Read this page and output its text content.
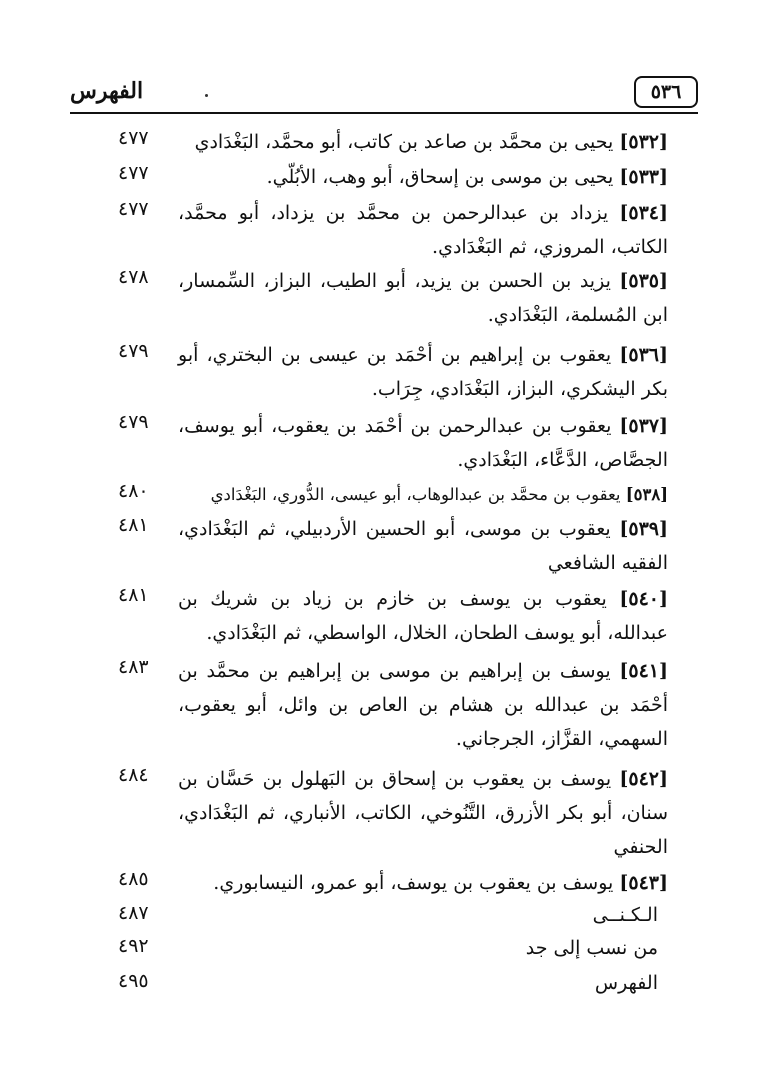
الفهرس	٥٣٦
٤٧٧	[٥٣٢] يحيى بن محمَّد بن صاعد بن كاتب، أبو محمَّد، البَغْدَادي
٤٧٧	[٥٣٣] يحيى بن موسى بن إسحاق، أبو وهب، الأبُلّي.
٤٧٧	[٥٣٤] يزداد بن عبدالرحمن بن محمَّد بن يزداد، أبو محمَّد، الكاتب، المروزي، ثم البَغْدَادي.
٤٧٨	[٥٣٥] يزيد بن الحسن بن يزيد، أبو الطيب، البزاز، السِّمسار، ابن المُسلمة، البَغْدَادي.
٤٧٩	[٥٣٦] يعقوب بن إبراهيم بن أحْمَد بن عيسى بن البختري، أبو بكر اليشكري، البزاز، البَغْدَادي، جِرَاب.
٤٧٩	[٥٣٧] يعقوب بن عبدالرحمن بن أحْمَد بن يعقوب، أبو يوسف، الجصَّاص، الدَّعَّاء، البَغْدَادي.
٤٨٠	[٥٣٨] يعقوب بن محمَّد بن عبدالوهاب، أبو عيسى، الدُّوري، البَغْدَادي
٤٨١	[٥٣٩] يعقوب بن موسى، أبو الحسين الأردبيلي، ثم البَغْدَادي، الفقيه الشافعي
٤٨١	[٥٤٠] يعقوب بن يوسف بن خازم بن زياد بن شريك بن عبدالله، أبو يوسف الطحان، الخلال، الواسطي، ثم البَغْدَادي.
٤٨٣	[٥٤١] يوسف بن إبراهيم بن موسى بن إبراهيم بن محمَّد بن أحْمَد بن عبدالله بن هشام بن العاص بن وائل، أبو يعقوب، السهمي، القزَّاز، الجرجاني.
٤٨٤	[٥٤٢] يوسف بن يعقوب بن إسحاق بن البَهلول بن حَسَّان بن سنان، أبو بكر الأزرق، التَّنُوخي، الكاتب، الأنباري، ثم البَغْدَادي، الحنفي
٤٨٥	[٥٤٣] يوسف بن يعقوب بن يوسف، أبو عمرو، النيسابوري.
٤٨٧	الـكـنــى
٤٩٢	من نسب إلى جد
٤٩٥	الفهرس
